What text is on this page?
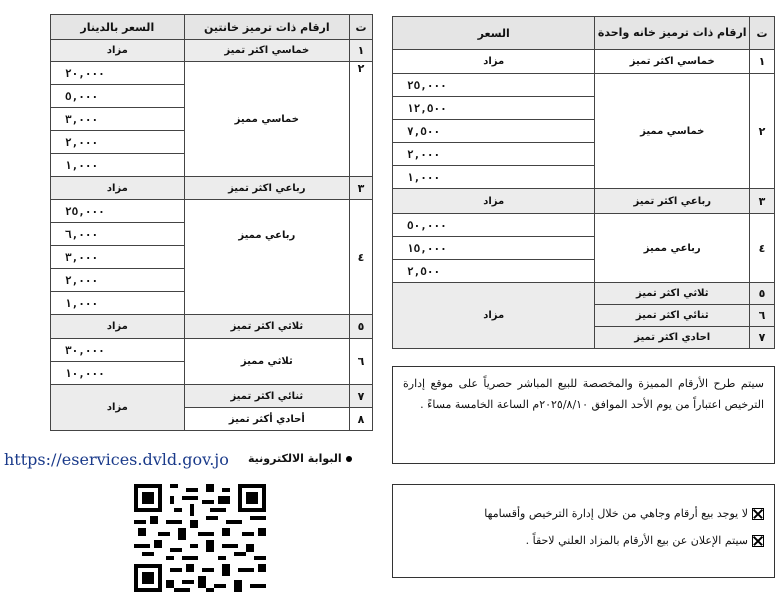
السعر	ارقام ذات ترميز خانه واحدة	ت
مزاد	خماسي اكثر تميز	١
٢٥,٠٠٠	خماسي مميز	٢
١٢,٥٠٠		
٧,٥٠٠		
٢,٠٠٠		
١,٠٠٠		
مزاد	رباعي اكثر تميز	٣
٥٠,٠٠٠	رباعي مميز	٤
١٥,٠٠٠		
٢,٥٠٠		
مزاد	ثلاثي اكثر تميز	٥
	ثنائي اكثر تميز	٦
	احادي اكثر تميز	٧
السعر بالدينار	ارقام ذات ترميز خانتين	ت
مزاد	خماسي اكثر تميز	١
٢٠,٠٠٠	خماسي مميز	٢
٥,٠٠٠		
٣,٠٠٠		
٢,٠٠٠		
١,٠٠٠		
مزاد	رباعي اكثر تميز	٣
٢٥,٠٠٠	رباعي مميز	٤
٦,٠٠٠		
٣,٠٠٠		
٢,٠٠٠		
١,٠٠٠		
مزاد	ثلاثي اكثر تميز	٥
٣٠,٠٠٠	ثلاثي مميز	٦
١٠,٠٠٠		
مزاد	ثنائي اكثر تميز	٧
	أحادي أكثر تميز	٨
سيتم طرح الأرقام المميزة والمخصصة للبيع المباشر حصرياً على موقع إدارة الترخيص اعتباراً من يوم الأحد الموافق ٢٠٢٥/٨/١٠م الساعة الخامسة مساءً .
لا يوجد بيع أرقام وجاهي من خلال إدارة الترخيص وأقسامها
سيتم الإعلان عن بيع الأرقام بالمزاد العلني لاحقاً .
https://eservices.dvld.gov.jo البوابة الالكترونية
